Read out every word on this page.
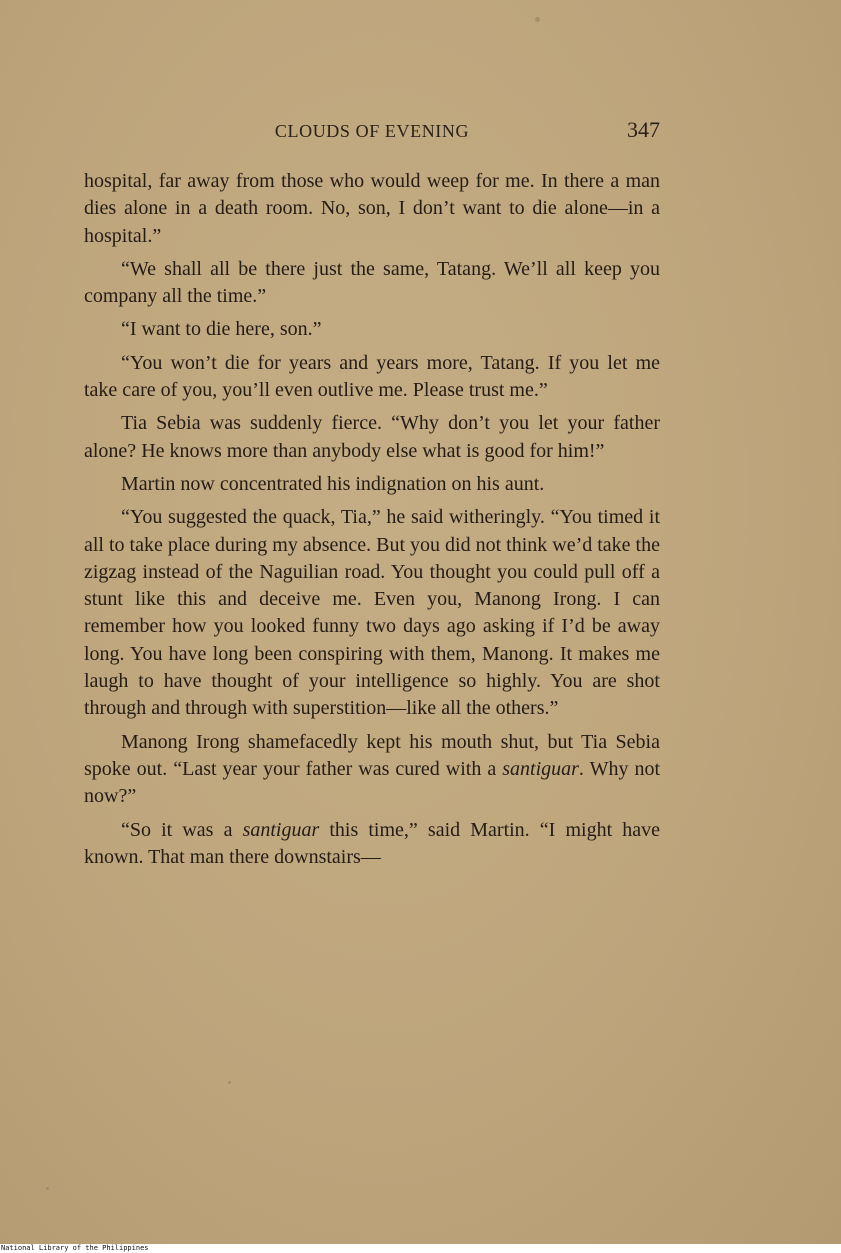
CLOUDS OF EVENING	347

hospital, far away from those who would weep for me. In there a man dies alone in a death room. No, son, I don’t want to die alone—in a hospital.”

“We shall all be there just the same, Tatang. We’ll all keep you company all the time.”

“I want to die here, son.”

“You won’t die for years and years more, Tatang. If you let me take care of you, you’ll even outlive me. Please trust me.”

Tia Sebia was suddenly fierce. “Why don’t you let your father alone? He knows more than anybody else what is good for him!”

Martin now concentrated his indignation on his aunt.

“You suggested the quack, Tia,” he said witheringly. “You timed it all to take place during my absence. But you did not think we’d take the zigzag instead of the Naguilian road. You thought you could pull off a stunt like this and deceive me. Even you, Manong Irong. I can remember how you looked funny two days ago asking if I’d be away long. You have long been conspiring with them, Manong. It makes me laugh to have thought of your intelligence so highly. You are shot through and through with superstition—like all the others.”

Manong Irong shamefacedly kept his mouth shut, but Tia Sebia spoke out. “Last year your father was cured with a santiguar. Why not now?”

“So it was a santiguar this time,” said Martin. “I might have known. That man there downstairs—

National Library of the Philippines
